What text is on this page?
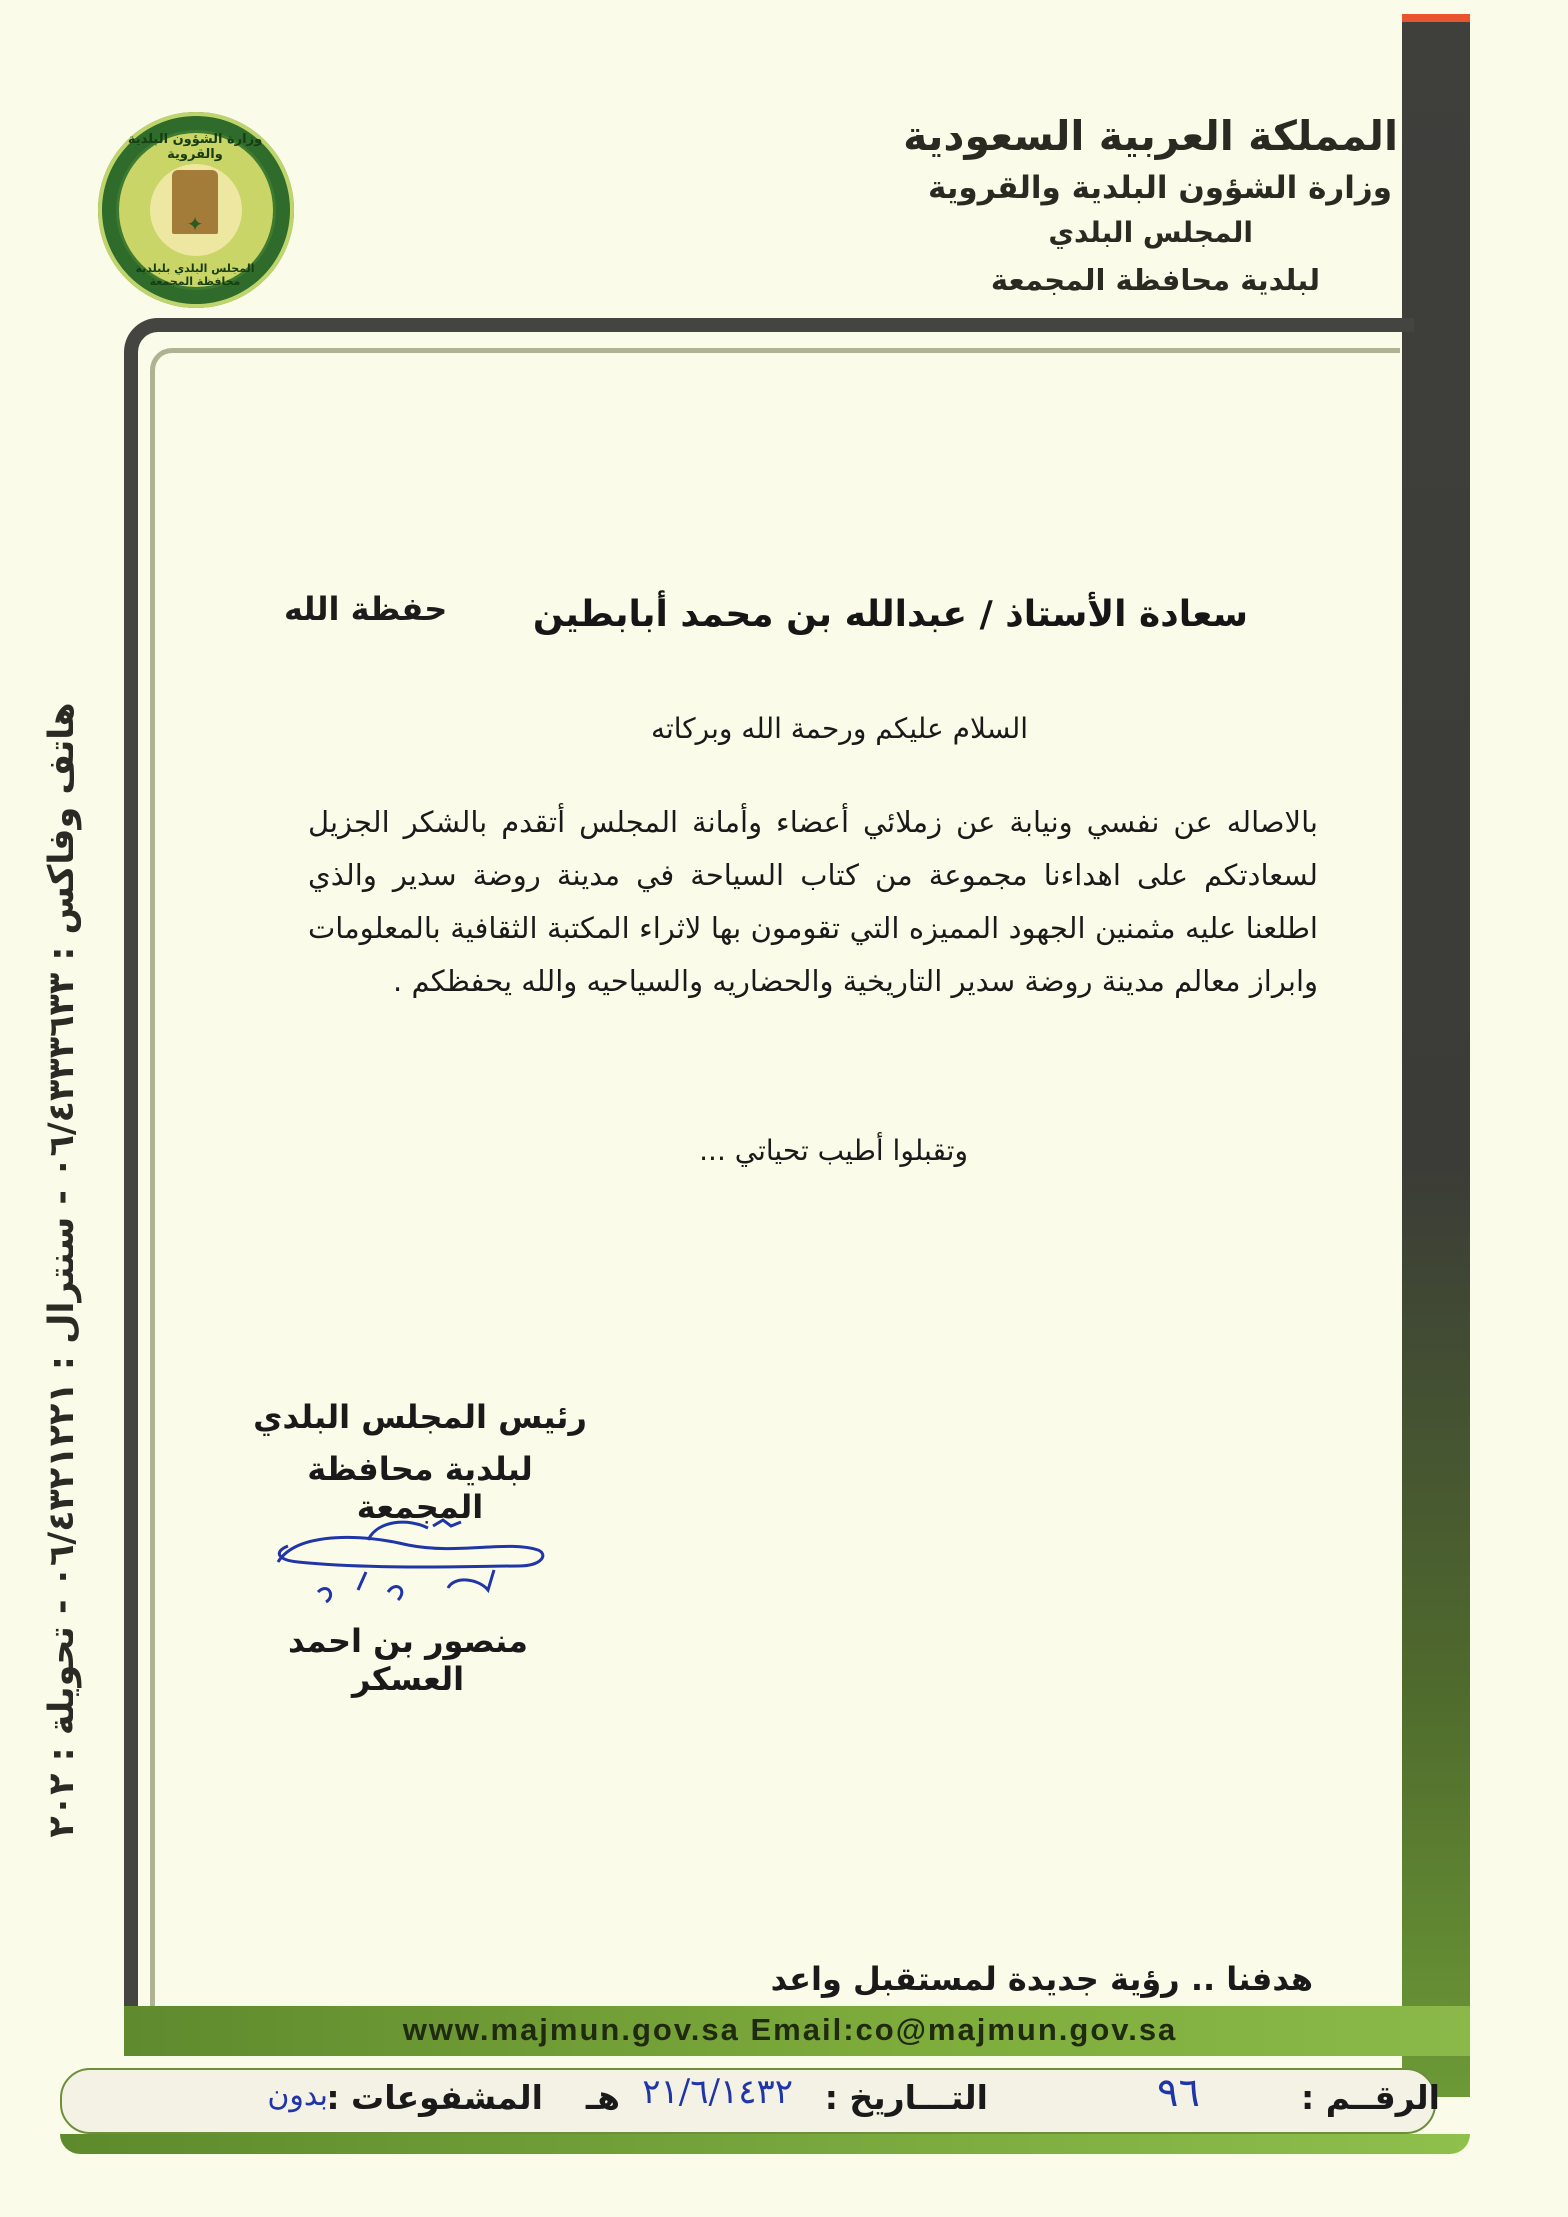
✦
وزارة الشؤون البلدية والقروية
المجلس البلدي بلبلدية محافظة المجمعة
المملكة العربية السعودية
وزارة الشؤون البلدية والقروية
المجلس البلدي
لبلدية محافظة المجمعة
هاتف وفاكس : ٠٦/٤٣٣٣٦٣٣ - سنترال : ٠٦/٤٣٢١٢٢١ - تحويلة : ٢٠٢
سعادة الأستاذ / عبدالله بن محمد أبابطين
حفظة الله
السلام عليكم ورحمة الله وبركاته
بالاصاله عن نفسي ونيابة عن زملائي أعضاء وأمانة المجلس أتقدم بالشكر الجزيل لسعادتكم على اهداءنا مجموعة من كتاب السياحة في مدينة روضة سدير والذي اطلعنا عليه مثمنين الجهود المميزه التي تقومون بها لاثراء المكتبة الثقافية بالمعلومات وابراز معالم مدينة روضة سدير التاريخية والحضاريه والسياحيه والله يحفظكم .
وتقبلوا أطيب تحياتي ...
رئيس المجلس البلدي
لبلدية محافظة المجمعة
منصور بن احمد العسكر
هدفنا .. رؤية جديدة لمستقبل واعد
www.majmun.gov.sa Email:co@majmun.gov.sa
الرقــم :
٩٦
التـــاريخ :
٢١/٦/١٤٣٢
هـ
المشفوعات :
بدون
